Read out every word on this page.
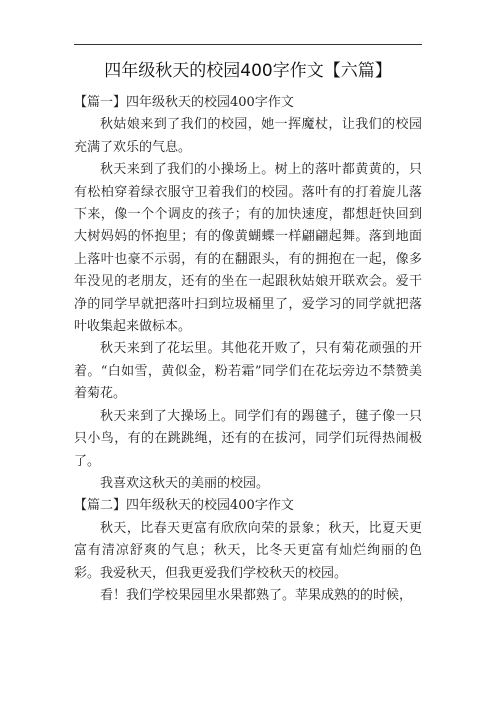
四年级秋天的校园400字作文【六篇】

【篇一】四年级秋天的校园400字作文

秋姑娘来到了我们的校园，她一挥魔杖，让我们的校园充满了欢乐的气息。

秋天来到了我们的小操场上。树上的落叶都黄黄的，只有松柏穿着绿衣服守卫着我们的校园。落叶有的打着旋儿落下来，像一个个调皮的孩子；有的加快速度，都想赶快回到大树妈妈的怀抱里；有的像黄蝴蝶一样翩翩起舞。落到地面上落叶也豪不示弱，有的在翻跟头，有的拥抱在一起，像多年没见的老朋友，还有的坐在一起跟秋姑娘开联欢会。爱干净的同学早就把落叶扫到垃圾桶里了，爱学习的同学就把落叶收集起来做标本。

秋天来到了花坛里。其他花开败了，只有菊花顽强的开着。“白如雪，黄似金，粉若霜”同学们在花坛旁边不禁赞美着菊花。

秋天来到了大操场上。同学们有的踢毽子，毽子像一只只小鸟，有的在跳跳绳，还有的在拔河，同学们玩得热闹极了。

我喜欢这秋天的美丽的校园。

【篇二】四年级秋天的校园400字作文

秋天，比春天更富有欣欣向荣的景象；秋天，比夏天更富有清凉舒爽的气息；秋天，比冬天更富有灿烂绚丽的色彩。我爱秋天，但我更爱我们学校秋天的校园。

看！我们学校果园里水果都熟了。苹果成熟的的时候，
